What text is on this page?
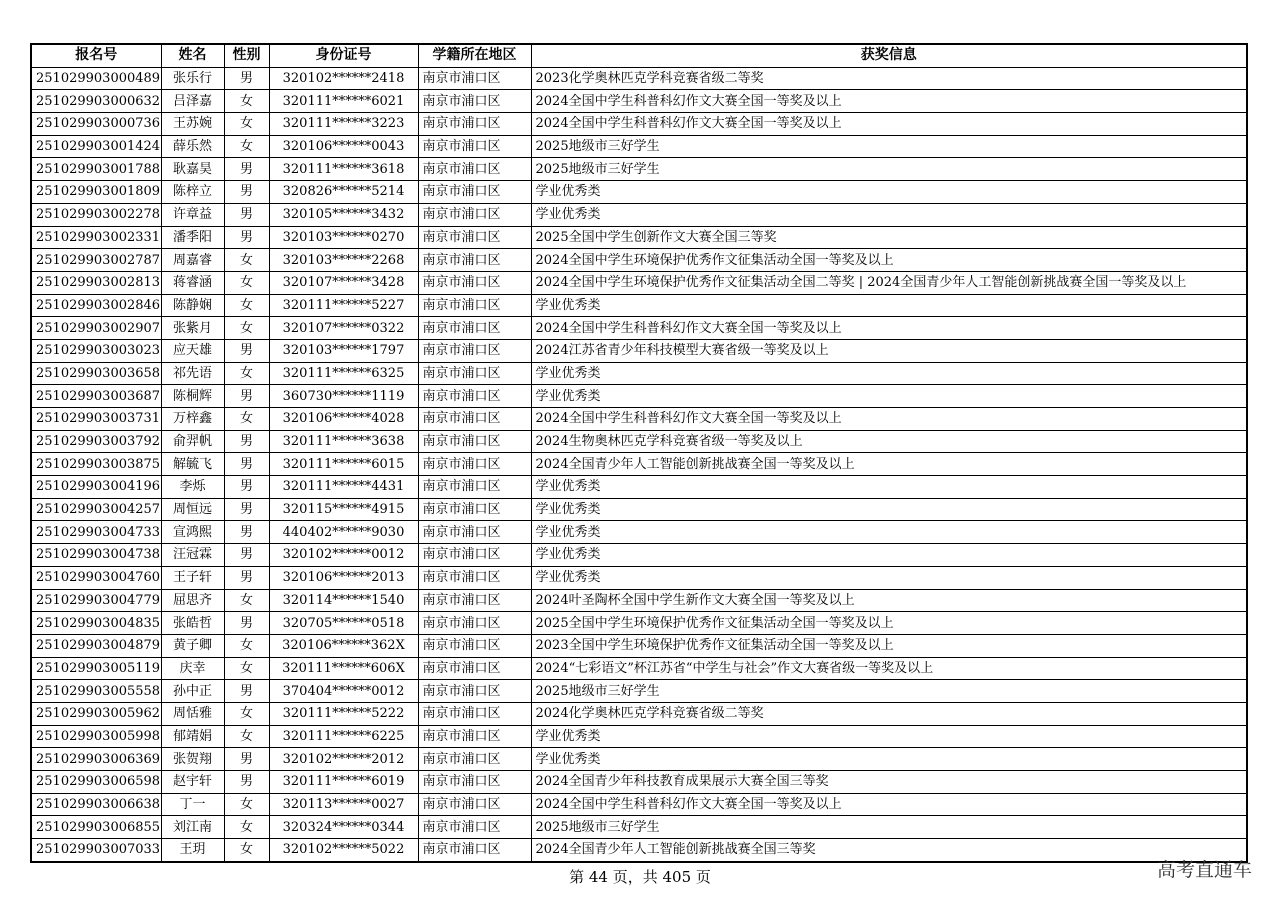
报名号	姓名	性别	身份证号	学籍所在地区	获奖信息
251029903000489	张乐行	男	320102******2418	南京市浦口区	2023化学奥林匹克学科竞赛省级二等奖
251029903000632	吕泽嘉	女	320111******6021	南京市浦口区	2024全国中学生科普科幻作文大赛全国一等奖及以上
251029903000736	王苏婉	女	320111******3223	南京市浦口区	2024全国中学生科普科幻作文大赛全国一等奖及以上
251029903001424	薛乐然	女	320106******0043	南京市浦口区	2025地级市三好学生
251029903001788	耿嘉昊	男	320111******3618	南京市浦口区	2025地级市三好学生
251029903001809	陈梓立	男	320826******5214	南京市浦口区	学业优秀类
251029903002278	许章益	男	320105******3432	南京市浦口区	学业优秀类
251029903002331	潘季阳	男	320103******0270	南京市浦口区	2025全国中学生创新作文大赛全国三等奖
251029903002787	周嘉睿	女	320103******2268	南京市浦口区	2024全国中学生环境保护优秀作文征集活动全国一等奖及以上
251029903002813	蒋睿涵	女	320107******3428	南京市浦口区	2024全国中学生环境保护优秀作文征集活动全国二等奖 | 2024全国青少年人工智能创新挑战赛全国一等奖及以上
251029903002846	陈静娴	女	320111******5227	南京市浦口区	学业优秀类
251029903002907	张紫月	女	320107******0322	南京市浦口区	2024全国中学生科普科幻作文大赛全国一等奖及以上
251029903003023	应天雄	男	320103******1797	南京市浦口区	2024江苏省青少年科技模型大赛省级一等奖及以上
251029903003658	祁先语	女	320111******6325	南京市浦口区	学业优秀类
251029903003687	陈桐辉	男	360730******1119	南京市浦口区	学业优秀类
251029903003731	万梓鑫	女	320106******4028	南京市浦口区	2024全国中学生科普科幻作文大赛全国一等奖及以上
251029903003792	俞羿帆	男	320111******3638	南京市浦口区	2024生物奥林匹克学科竞赛省级一等奖及以上
251029903003875	解毓飞	男	320111******6015	南京市浦口区	2024全国青少年人工智能创新挑战赛全国一等奖及以上
251029903004196	李烁	男	320111******4431	南京市浦口区	学业优秀类
251029903004257	周恒远	男	320115******4915	南京市浦口区	学业优秀类
251029903004733	宣鸿熙	男	440402******9030	南京市浦口区	学业优秀类
251029903004738	汪冠霖	男	320102******0012	南京市浦口区	学业优秀类
251029903004760	王子轩	男	320106******2013	南京市浦口区	学业优秀类
251029903004779	屈思齐	女	320114******1540	南京市浦口区	2024叶圣陶杯全国中学生新作文大赛全国一等奖及以上
251029903004835	张皓哲	男	320705******0518	南京市浦口区	2025全国中学生环境保护优秀作文征集活动全国一等奖及以上
251029903004879	黄子卿	女	320106******362X	南京市浦口区	2023全国中学生环境保护优秀作文征集活动全国一等奖及以上
251029903005119	庆幸	女	320111******606X	南京市浦口区	2024“七彩语文”杯江苏省“中学生与社会”作文大赛省级一等奖及以上
251029903005558	孙中正	男	370404******0012	南京市浦口区	2025地级市三好学生
251029903005962	周恬雅	女	320111******5222	南京市浦口区	2024化学奥林匹克学科竞赛省级二等奖
251029903005998	郁靖娟	女	320111******6225	南京市浦口区	学业优秀类
251029903006369	张贺翔	男	320102******2012	南京市浦口区	学业优秀类
251029903006598	赵宇轩	男	320111******6019	南京市浦口区	2024全国青少年科技教育成果展示大赛全国三等奖
251029903006638	丁一	女	320113******0027	南京市浦口区	2024全国中学生科普科幻作文大赛全国一等奖及以上
251029903006855	刘江南	女	320324******0344	南京市浦口区	2025地级市三好学生
251029903007033	王玥	女	320102******5022	南京市浦口区	2024全国青少年人工智能创新挑战赛全国三等奖
第 44 页，共 405 页	高考直通车
